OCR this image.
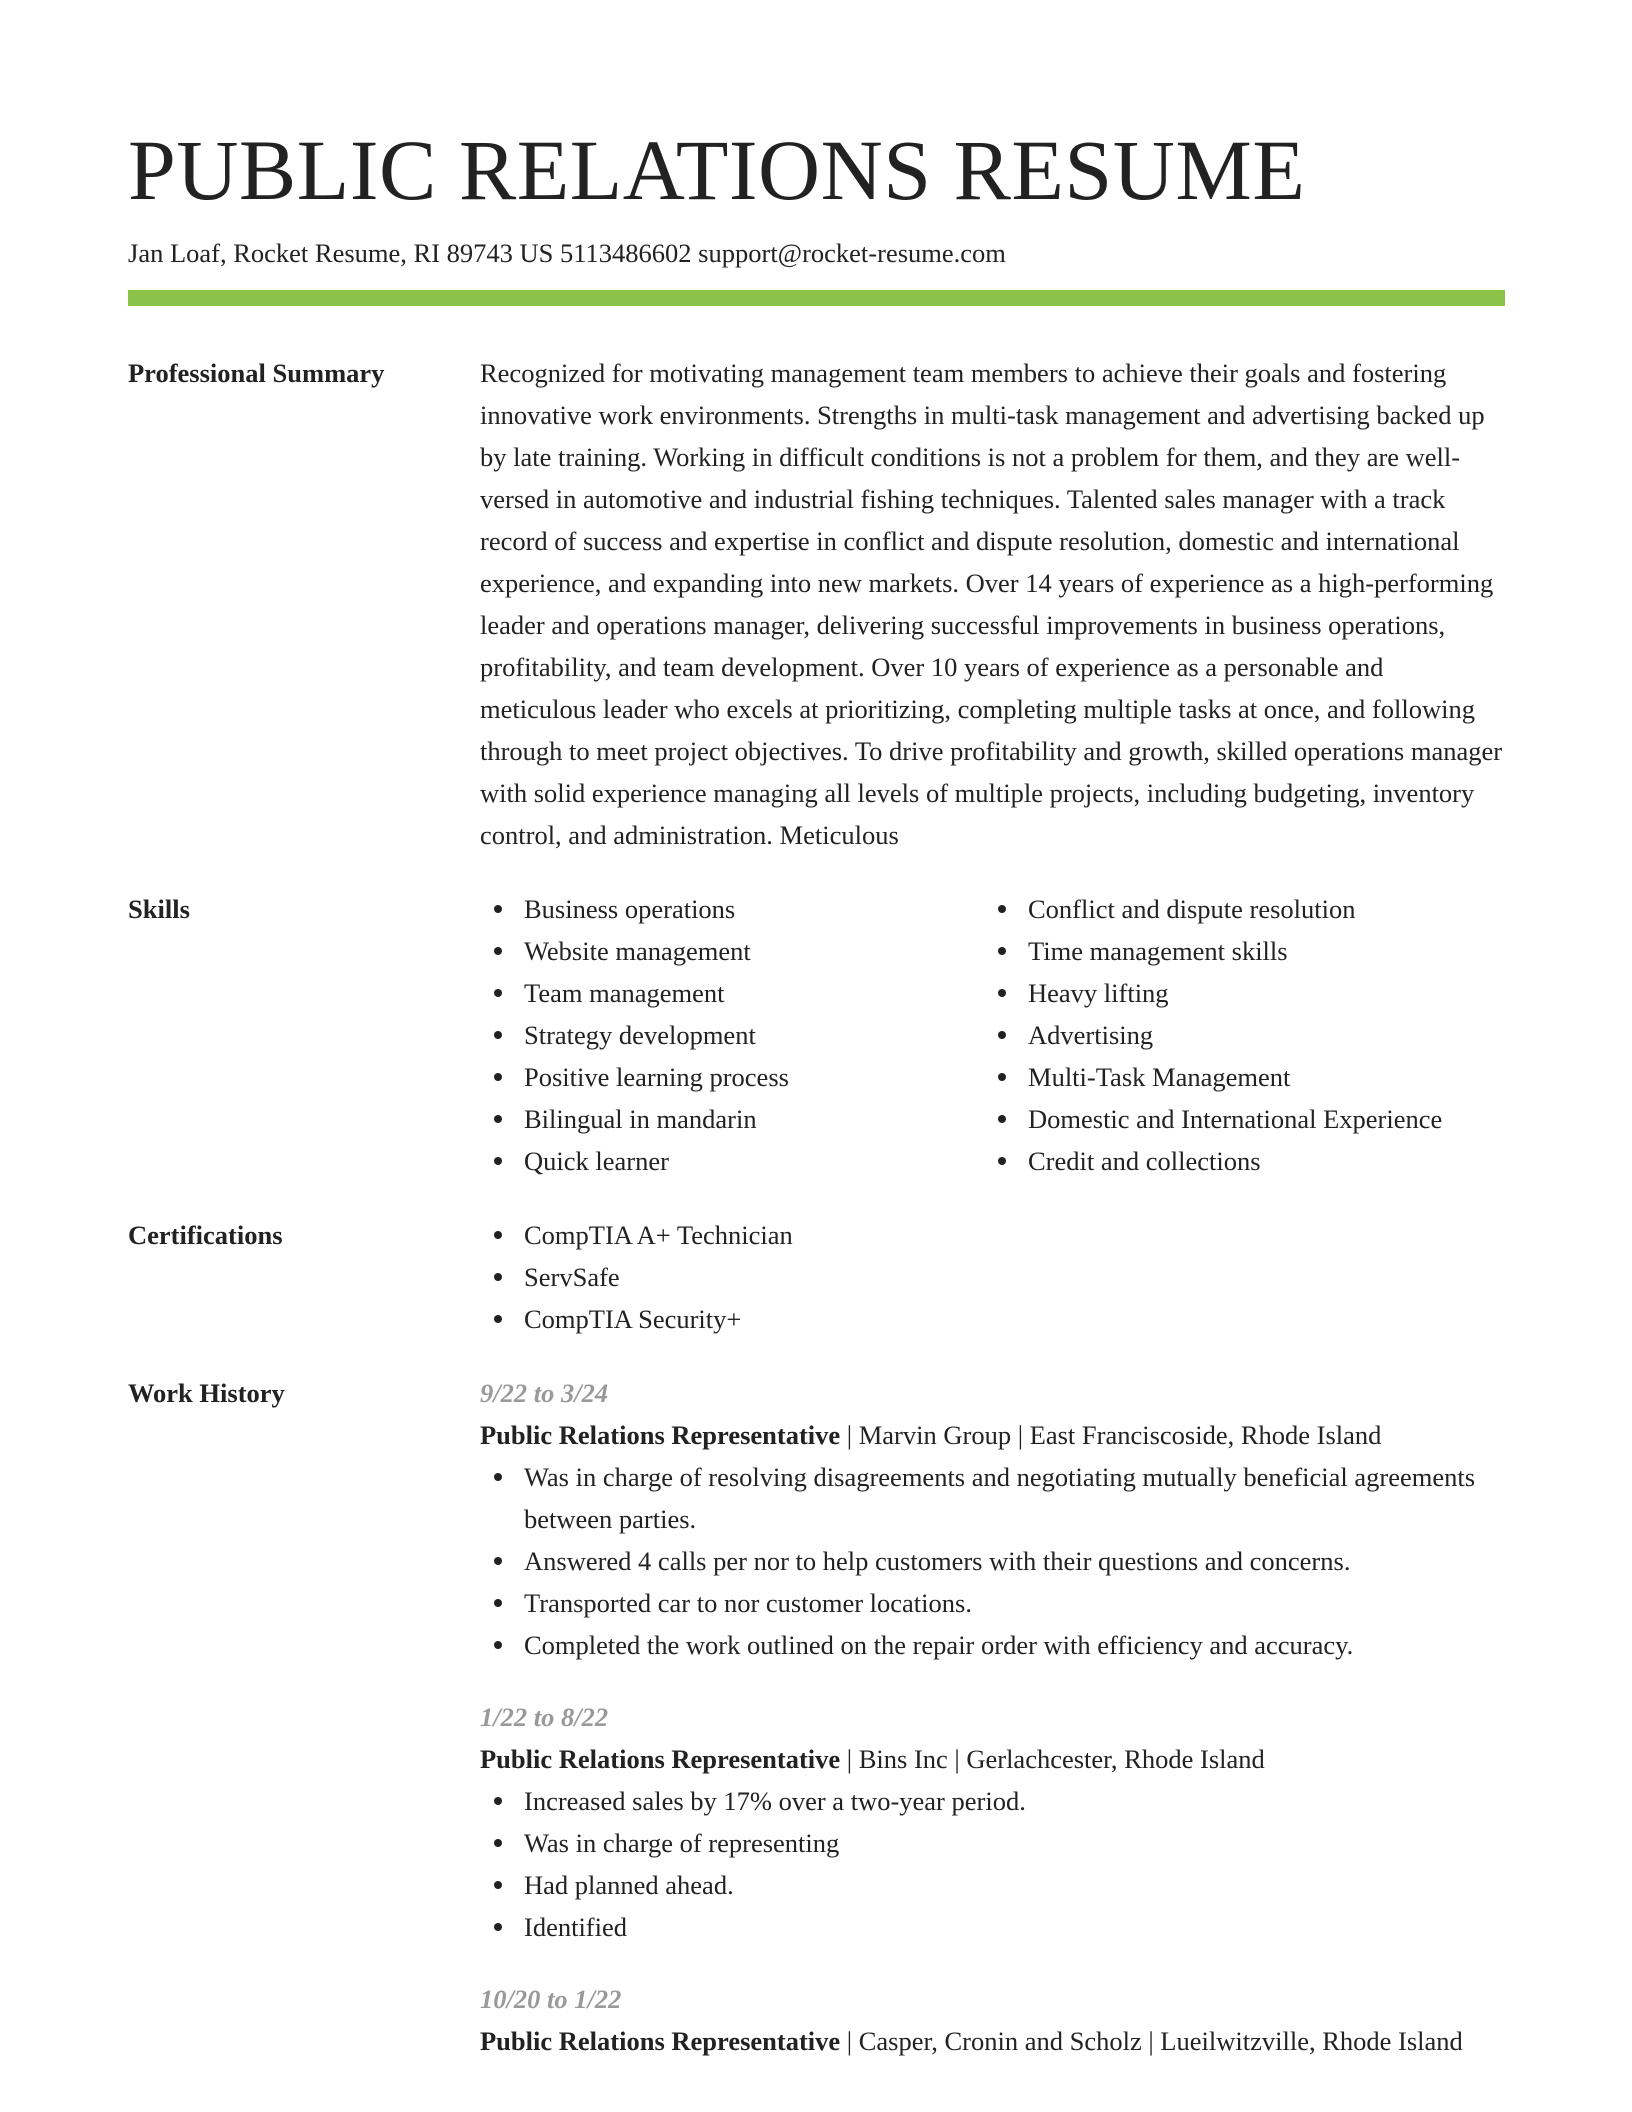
PUBLIC RELATIONS RESUME
Jan Loaf, Rocket Resume, RI 89743 US 5113486602 support@rocket-resume.com
Professional Summary	Recognized for motivating management team members to achieve their goals and fostering innovative work environments. Strengths in multi-task management and advertising backed up by late training. Working in difficult conditions is not a problem for them, and they are well-versed in automotive and industrial fishing techniques. Talented sales manager with a track record of success and expertise in conflict and dispute resolution, domestic and international experience, and expanding into new markets. Over 14 years of experience as a high-performing leader and operations manager, delivering successful improvements in business operations, profitability, and team development. Over 10 years of experience as a personable and meticulous leader who excels at prioritizing, completing multiple tasks at once, and following through to meet project objectives. To drive profitability and growth, skilled operations manager with solid experience managing all levels of multiple projects, including budgeting, inventory control, and administration. Meticulous

Skills	Business operations
Website management
Team management
Strategy development
Positive learning process
Bilingual in mandarin
Quick learner
Conflict and dispute resolution
Time management skills
Heavy lifting
Advertising
Multi-Task Management
Domestic and International Experience
Credit and collections
Certifications	CompTIA A+ Technician
ServSafe
CompTIA Security+
Work History	9/22 to 3/24
Public Relations Representative | Marvin Group | East Franciscoside, Rhode Island
Was in charge of resolving disagreements and negotiating mutually beneficial agreements between parties.
Answered 4 calls per nor to help customers with their questions and concerns.
Transported car to nor customer locations.
Completed the work outlined on the repair order with efficiency and accuracy.
1/22 to 8/22
Public Relations Representative | Bins Inc | Gerlachcester, Rhode Island
Increased sales by 17% over a two-year period.
Was in charge of representing
Had planned ahead.
Identified
10/20 to 1/22
Public Relations Representative | Casper, Cronin and Scholz | Lueilwitzville, Rhode Island
